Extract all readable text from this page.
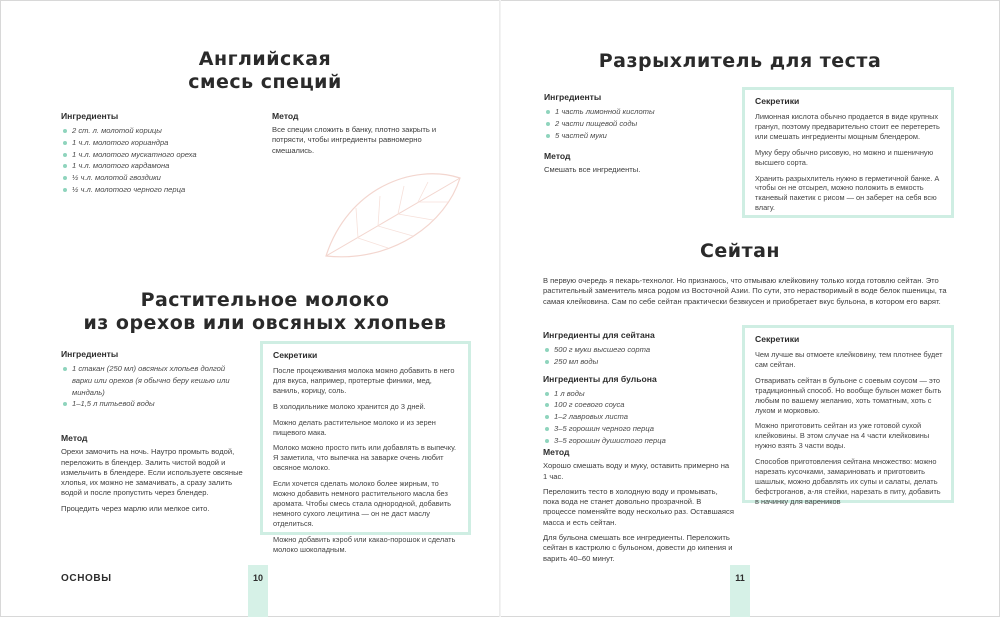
Английская
смесь специй
Ингредиенты
2 ст. л. молотой корицы
1 ч.л. молотого кориандра
1 ч.л. молотого мускатного ореха
1 ч.л. молотого кардамона
½ ч.л. молотой гвоздики
½ ч.л. молотого черного перца
Метод
Все специи сложить в банку, плотно закрыть и потрясти, чтобы ингредиенты равномерно смешались.
Растительное молоко
из орехов или овсяных хлопьев
Ингредиенты
1 стакан (250 мл) овсяных хлопьев долгой варки или орехов (я обычно беру кешью или миндаль)
1–1,5 л питьевой воды
Метод

Орехи замочить на ночь. Наутро промыть водой, переложить в блендер. Залить чистой водой и измельчить в блендере. Если используете овсяные хлопья, их можно не замачивать, а сразу залить водой и после пропустить через блендер.

Процедить через марлю или мелкое сито.

Секретики

После процеживания молока можно добавить в него для вкуса, например, протертые финики, мед, ваниль, корицу, соль.

В холодильнике молоко хранится до 3 дней.

Можно делать растительное молоко и из зерен пищевого мака.

Молоко можно просто пить или добавлять в выпечку. Я заметила, что выпечка на заварке очень любит овсяное молоко.

Если хочется сделать молоко более жирным, то можно добавить немного растительного масла без аромата. Чтобы смесь стала однородной, добавить немного сухого лецитина — он не даст маслу отделиться.

Можно добавить кэроб или какао-порошок и сделать молоко шоколадным.

ОСНОВЫ	10
Разрыхлитель для теста
Ингредиенты
1 часть лимонной кислоты
2 части пищевой соды
5 частей муки
Метод
Смешать все ингредиенты.
Секретики

Лимонная кислота обычно продается в виде крупных гранул, поэтому предварительно стоит ее перетереть или смешать ингредиенты мощным блендером.

Муку беру обычно рисовую, но можно и пшеничную высшего сорта.

Хранить разрыхлитель нужно в герметичной банке. А чтобы он не отсырел, можно положить в емкость тканевый пакетик с рисом — он заберет на себя всю влагу.

Сейтан
В первую очередь я пекарь-технолог. Но признаюсь, что отмываю клейковину только когда готовлю сейтан. Это растительный заменитель мяса родом из Восточной Азии. По сути, это нерастворимый в воде белок пшеницы, та самая клейковина. Сам по себе сейтан практически безвкусен и приобретает вкус бульона, в котором его варят.
Ингредиенты для сейтана
500 г муки высшего сорта
250 мл воды
Ингредиенты для бульона
1 л воды
100 г соевого соуса
1–2 лавровых листа
3–5 горошин черного перца
3–5 горошин душистого перца
Метод

Хорошо смешать воду и муку, оставить примерно на 1 час.

Переложить тесто в холодную воду и промывать, пока вода не станет довольно прозрачной. В процессе поменяйте воду несколько раз. Оставшаяся масса и есть сейтан.

Для бульона смешать все ингредиенты. Переложить сейтан в кастрюлю с бульоном, довести до кипения и варить 40–60 минут.

Секретики

Чем лучше вы отмоете клейковину, тем плотнее будет сам сейтан.

Отваривать сейтан в бульоне с соевым соусом — это традиционный способ. Но вообще бульон может быть любым по вашему желанию, хоть томатным, хоть с луком и морковью.

Можно приготовить сейтан из уже готовой сухой клейковины. В этом случае на 4 части клейковины нужно взять 3 части воды.

Способов приготовления сейтана множество: можно нарезать кусочками, замариновать и приготовить шашлык, можно добавлять их супы и салаты, делать бефстроганов, а-ля стейки, нарезать в питу, добавить в начинку для вареников

11
